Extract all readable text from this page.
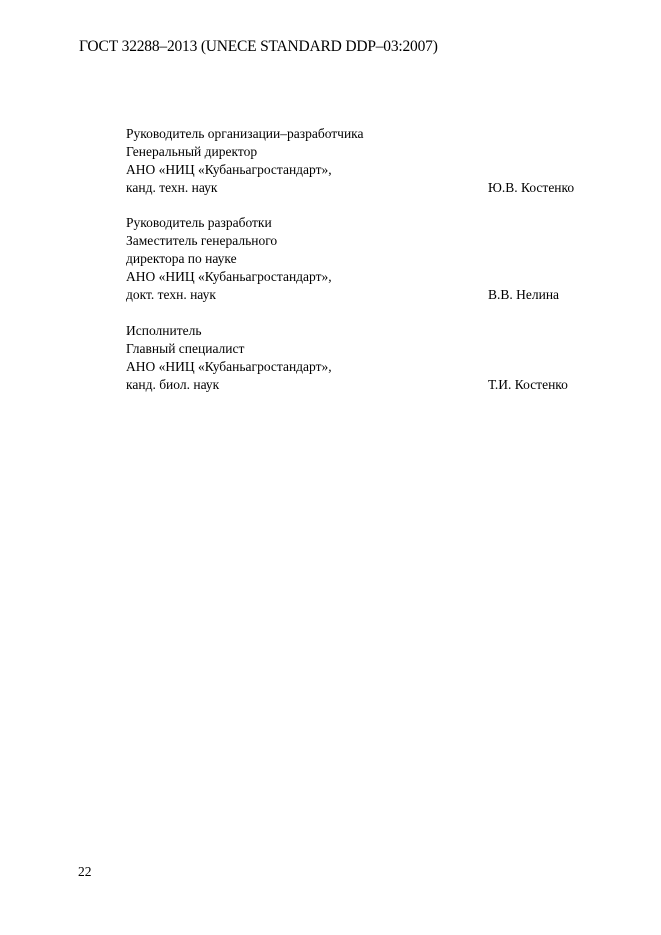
ГОСТ 32288–2013 (UNECE STANDARD DDP–03:2007)
Руководитель организации–разработчика
Генеральный директор
АНО «НИЦ «Кубаньагростандарт»,
канд. техн. наук	Ю.В. Костенко
Руководитель разработки
Заместитель генерального
директора по науке
АНО «НИЦ «Кубаньагростандарт»,
докт. техн. наук	В.В. Нелина
Исполнитель
Главный специалист
АНО «НИЦ «Кубаньагростандарт»,
канд. биол. наук	Т.И. Костенко
22
